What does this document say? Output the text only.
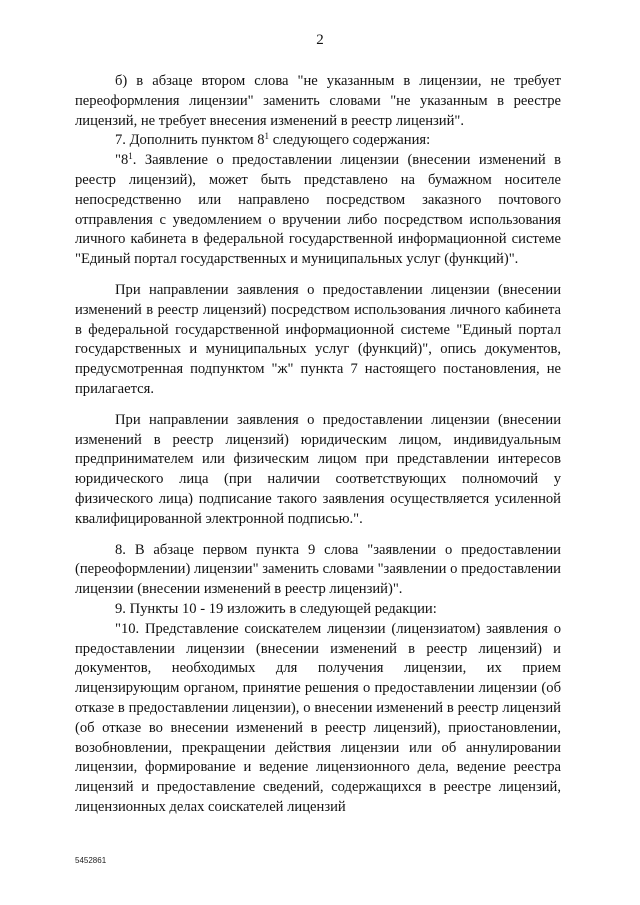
2

б) в абзаце втором слова "не указанным в лицензии, не требует переоформления лицензии" заменить словами "не указанным в реестре лицензий, не требует внесения изменений в реестр лицензий".

7. Дополнить пунктом $8^1$ следующего содержания:

"$8^1$. Заявление о предоставлении лицензии (внесении изменений в реестр лицензий), может быть представлено на бумажном носителе непосредственно или направлено посредством заказного почтового отправления с уведомлением о вручении либо посредством использования личного кабинета в федеральной государственной информационной системе "Единый портал государственных и муниципальных услуг (функций)".

При направлении заявления о предоставлении лицензии (внесении изменений в реестр лицензий) посредством использования личного кабинета в федеральной государственной информационной системе "Единый портал государственных и муниципальных услуг (функций)", опись документов, предусмотренная подпунктом "ж" пункта 7 настоящего постановления, не прилагается.

При направлении заявления о предоставлении лицензии (внесении изменений в реестр лицензий) юридическим лицом, индивидуальным предпринимателем или физическим лицом при представлении интересов юридического лица (при наличии соответствующих полномочий у физического лица) подписание такого заявления осуществляется усиленной квалифицированной электронной подписью.".

8. В абзаце первом пункта 9 слова "заявлении о предоставлении (переоформлении) лицензии" заменить словами "заявлении о предоставлении лицензии (внесении изменений в реестр лицензий)".

9. Пункты 10 - 19 изложить в следующей редакции:

"10. Представление соискателем лицензии (лицензиатом) заявления о предоставлении лицензии (внесении изменений в реестр лицензий) и документов, необходимых для получения лицензии, их прием лицензирующим органом, принятие решения о предоставлении лицензии (об отказе в предоставлении лицензии), о внесении изменений в реестр лицензий (об отказе во внесении изменений в реестр лицензий), приостановлении, возобновлении, прекращении действия лицензии или об аннулировании лицензии, формирование и ведение лицензионного дела, ведение реестра лицензий и предоставление сведений, содержащихся в реестре лицензий, лицензионных делах соискателей лицензий

5452861
